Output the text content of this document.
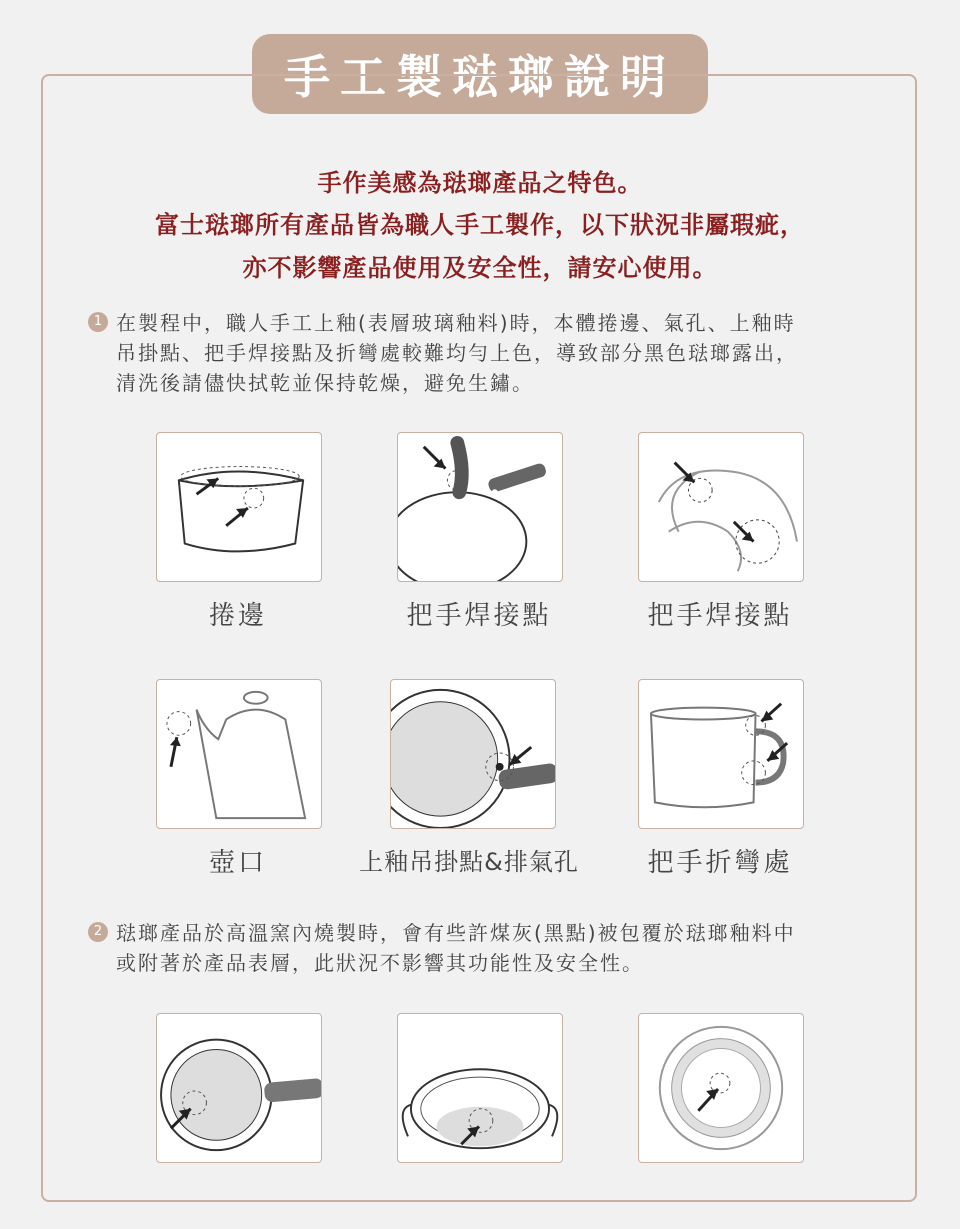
手工製琺瑯說明
手作美感為琺瑯產品之特色。
富士琺瑯所有產品皆為職人手工製作，以下狀況非屬瑕疵，
亦不影響產品使用及安全性，請安心使用。
1 在製程中，職人手工上釉(表層玻璃釉料)時，本體捲邊、氣孔、上釉時
吊掛點、把手焊接點及折彎處較難均勻上色，導致部分黑色琺瑯露出，
清洗後請儘快拭乾並保持乾燥，避免生鏽。
捲邊	把手焊接點	把手焊接點
壺口	上釉吊掛點&排氣孔	把手折彎處
2 琺瑯產品於高溫窯內燒製時，會有些許煤灰(黑點)被包覆於琺瑯釉料中
或附著於產品表層，此狀況不影響其功能性及安全性。
